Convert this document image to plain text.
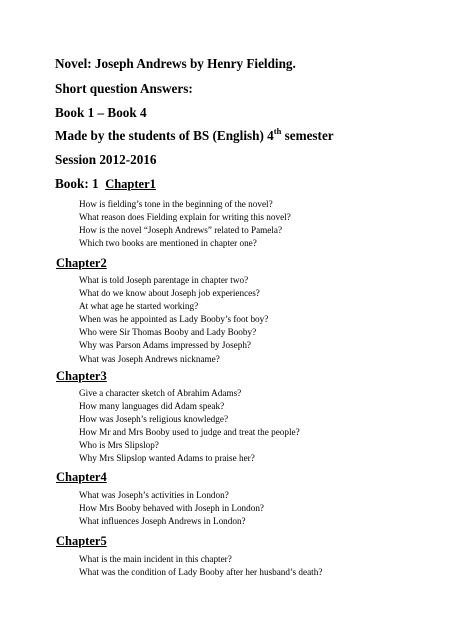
Novel: Joseph Andrews by Henry Fielding.
Short question Answers:
Book 1 – Book 4
Made by the students of BS (English) 4th semester
Session 2012-2016
Book: 1 Chapter1
How is fielding’s tone in the beginning of the novel?
What reason does Fielding explain for writing this novel?
How is the novel “Joseph Andrews” related to Pamela?
Which two books are mentioned in chapter one?
Chapter2
What is told Joseph parentage in chapter two?
What do we know about Joseph job experiences?
At what age he started working?
When was he appointed as Lady Booby’s foot boy?
Who were Sir Thomas Booby and Lady Booby?
Why was Parson Adams impressed by Joseph?
What was Joseph Andrews nickname?
Chapter3
Give a character sketch of Abrahim Adams?
How many languages did Adam speak?
How was Joseph’s religious knowledge?
How Mr and Mrs Booby used to judge and treat the people?
Who is Mrs Slipslop?
Why Mrs Slipslop wanted Adams to praise her?
Chapter4
What was Joseph’s activities in London?
How Mrs Booby behaved with Joseph in London?
What influences Joseph Andrews in London?
Chapter5
What is the main incident in this chapter?
What was the condition of Lady Booby after her husband’s death?
